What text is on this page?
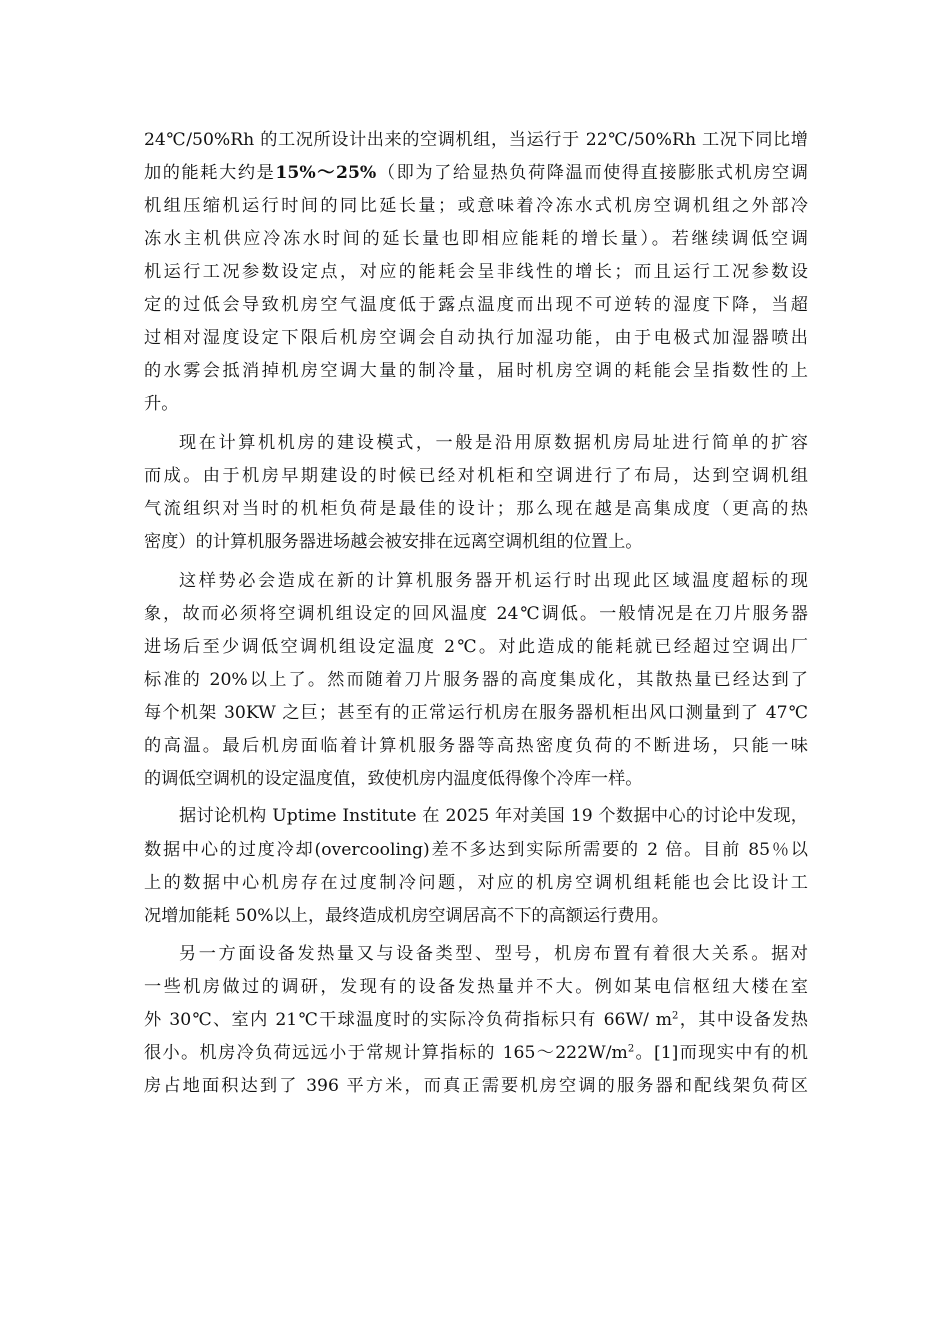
24℃/50%Rh 的工况所设计出来的空调机组，当运行于 22℃/50%Rh 工况下同比增
加的能耗大约是15%～25%（即为了给显热负荷降温而使得直接膨胀式机房空调
机组压缩机运行时间的同比延长量；或意味着冷冻水式机房空调机组之外部冷
冻水主机供应冷冻水时间的延长量也即相应能耗的增长量）。若继续调低空调
机运行工况参数设定点，对应的能耗会呈非线性的增长；而且运行工况参数设
定的过低会导致机房空气温度低于露点温度而出现不可逆转的湿度下降，当超
过相对湿度设定下限后机房空调会自动执行加湿功能，由于电极式加湿器喷出
的水雾会抵消掉机房空调大量的制冷量，届时机房空调的耗能会呈指数性的上
升。
现在计算机机房的建设模式，一般是沿用原数据机房局址进行简单的扩容
而成。由于机房早期建设的时候已经对机柜和空调进行了布局，达到空调机组
气流组织对当时的机柜负荷是最佳的设计；那么现在越是高集成度（更高的热
密度）的计算机服务器进场越会被安排在远离空调机组的位置上。
这样势必会造成在新的计算机服务器开机运行时出现此区域温度超标的现
象，故而必须将空调机组设定的回风温度 24℃调低。一般情况是在刀片服务器
进场后至少调低空调机组设定温度 2℃。对此造成的能耗就已经超过空调出厂
标准的 20%以上了。然而随着刀片服务器的高度集成化，其散热量已经达到了
每个机架 30KW 之巨；甚至有的正常运行机房在服务器机柜出风口测量到了 47℃
的高温。最后机房面临着计算机服务器等高热密度负荷的不断进场，只能一味
的调低空调机的设定温度值，致使机房内温度低得像个冷库一样。
据讨论机构 Uptime Institute 在 2025 年对美国 19 个数据中心的讨论中发现，
数据中心的过度冷却(overcooling)差不多达到实际所需要的 2 倍。目前 85％以
上的数据中心机房存在过度制冷问题，对应的机房空调机组耗能也会比设计工
况增加能耗 50%以上，最终造成机房空调居高不下的高额运行费用。
另一方面设备发热量又与设备类型、型号，机房布置有着很大关系。据对
一些机房做过的调研，发现有的设备发热量并不大。例如某电信枢纽大楼在室
外 30℃、室内 21℃干球温度时的实际冷负荷指标只有 66W/ $m^2$，其中设备发热
很小。机房冷负荷远远小于常规计算指标的 $165\sim 222W/m^2$。[1]而现实中有的机
房占地面积达到了 396 平方米，而真正需要机房空调的服务器和配线架负荷区
